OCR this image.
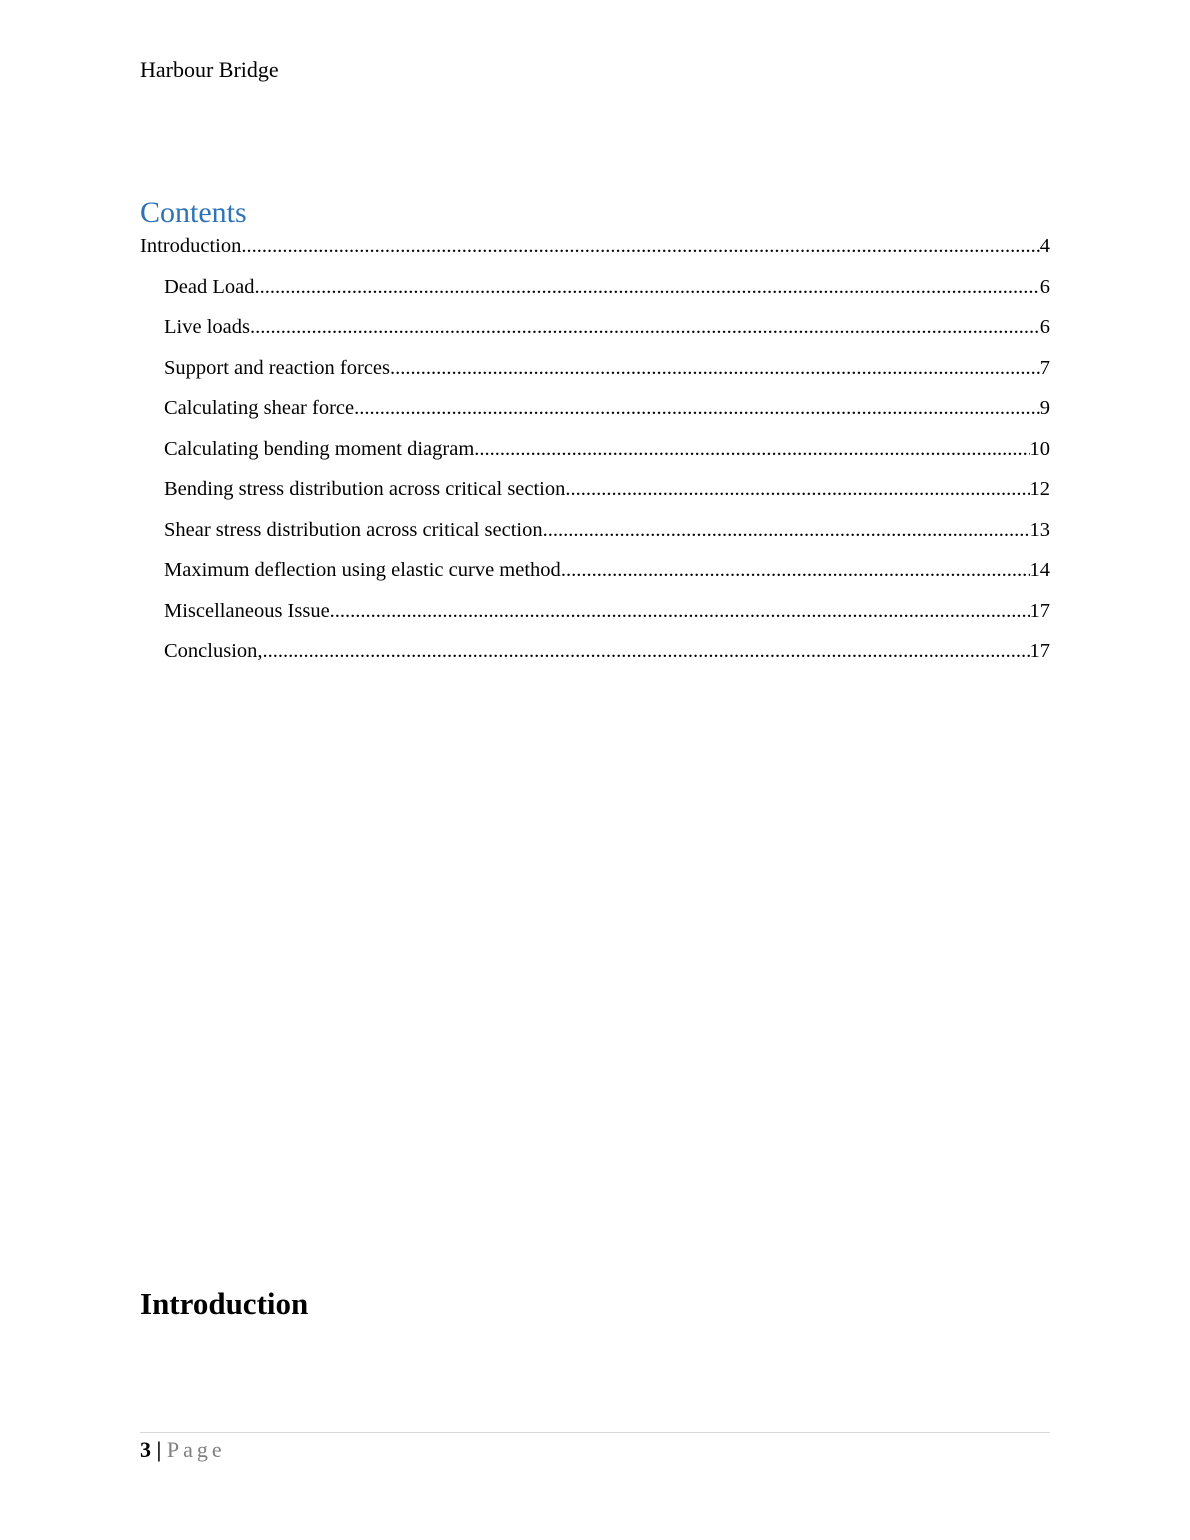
Harbour Bridge
Contents
Introduction .....	4
Dead Load .....	6
Live loads .....	6
Support and reaction forces .....	7
Calculating shear force .....	9
Calculating bending moment diagram .....	10
Bending stress distribution across critical section .....	12
Shear stress distribution across critical section .....	13
Maximum deflection using elastic curve method .....	14
Miscellaneous Issue .....	17
Conclusion, .....	17
Introduction
3 | Page
